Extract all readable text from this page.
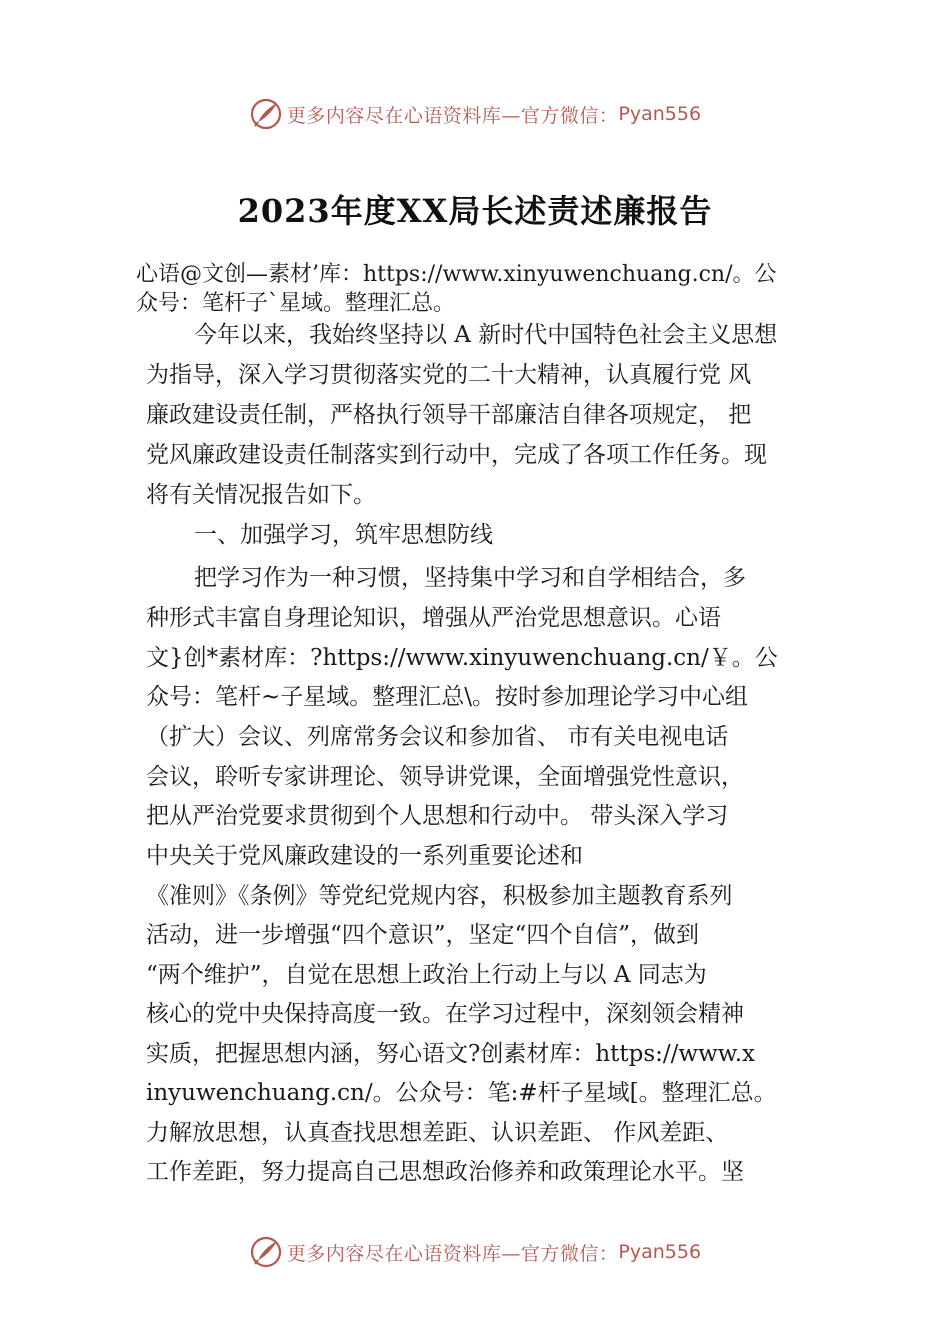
更多内容尽在心语资料库—官方微信： Pyan556
2023年度XX局长述责述廉报告
心语@文创—素材’库：https://www.xinyuwenchuang.cn/。公
众号：笔杆子`星域。整理汇总。
今年以来，我始终坚持以 A 新时代中国特色社会主义思想
为指导，深入学习贯彻落实党的二十大精神，认真履行党 风
廉政建设责任制，严格执行领导干部廉洁自律各项规定， 把
党风廉政建设责任制落实到行动中，完成了各项工作任务。现
将有关情况报告如下。
一、加强学习，筑牢思想防线
把学习作为一种习惯，坚持集中学习和自学相结合，多
种形式丰富自身理论知识，增强从严治党思想意识。心语
文}创*素材库：?https://www.xinyuwenchuang.cn/￥。公
众号：笔杆~子星域。整理汇总\。按时参加理论学习中心组
（扩大）会议、列席常务会议和参加省、 市有关电视电话
会议，聆听专家讲理论、领导讲党课，全面增强党性意识，
把从严治党要求贯彻到个人思想和行动中。 带头深入学习
中央关于党风廉政建设的一系列重要论述和
《准则》《条例》等党纪党规内容，积极参加主题教育系列
活动，进一步增强“四个意识”，坚定“四个自信”，做到
“两个维护”，自觉在思想上政治上行动上与以 A 同志为
核心的党中央保持高度一致。在学习过程中，深刻领会精神
实质，把握思想内涵，努心语文?创素材库：https://www.x
inyuwenchuang.cn/。公众号：笔:#杆子星域[。整理汇总。
力解放思想，认真查找思想差距、认识差距、 作风差距、
工作差距，努力提高自己思想政治修养和政策理论水平。坚
更多内容尽在心语资料库—官方微信： Pyan556
